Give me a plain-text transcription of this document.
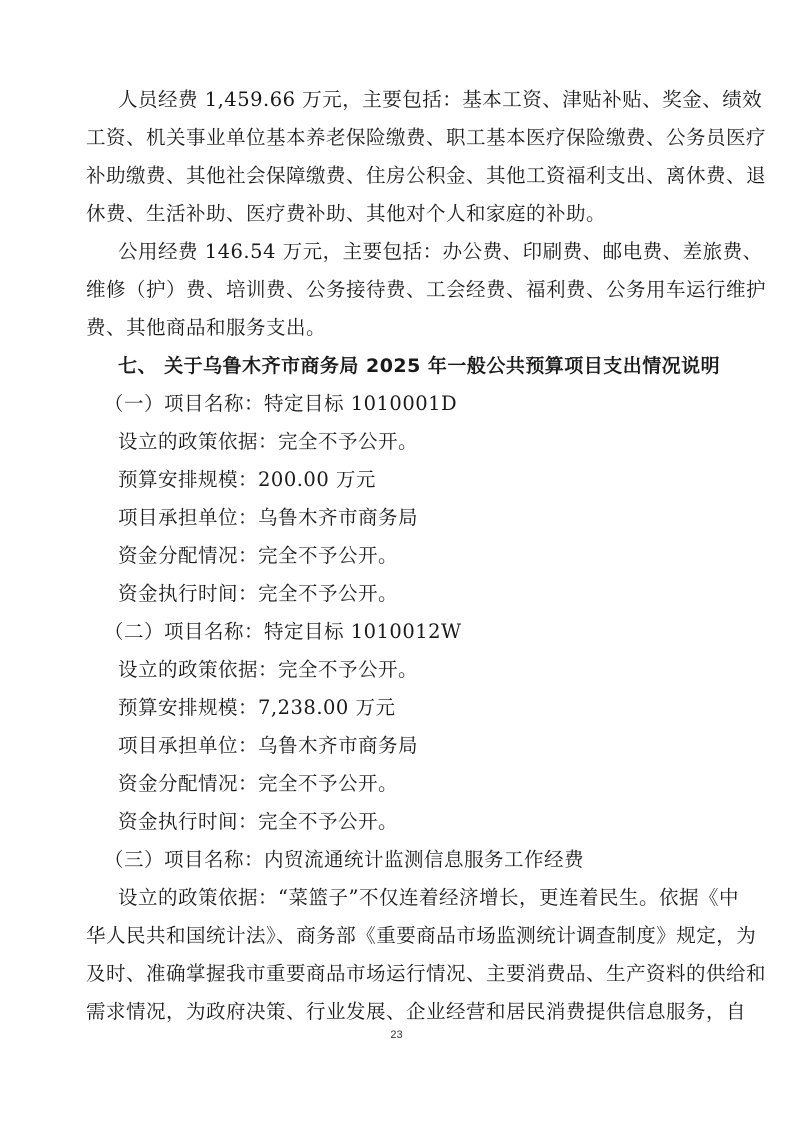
人员经费 1,459.66 万元，主要包括：基本工资、津贴补贴、奖金、绩效
工资、机关事业单位基本养老保险缴费、职工基本医疗保险缴费、公务员医疗
补助缴费、其他社会保障缴费、住房公积金、其他工资福利支出、离休费、退
休费、生活补助、医疗费补助、其他对个人和家庭的补助。
公用经费 146.54 万元，主要包括：办公费、印刷费、邮电费、差旅费、
维修（护）费、培训费、公务接待费、工会经费、福利费、公务用车运行维护
费、其他商品和服务支出。
七、 关于乌鲁木齐市商务局 2025 年一般公共预算项目支出情况说明
（一）项目名称：特定目标 1010001D
设立的政策依据：完全不予公开。
预算安排规模：200.00 万元
项目承担单位：乌鲁木齐市商务局
资金分配情况：完全不予公开。
资金执行时间：完全不予公开。
（二）项目名称：特定目标 1010012W
设立的政策依据：完全不予公开。
预算安排规模：7,238.00 万元
项目承担单位：乌鲁木齐市商务局
资金分配情况：完全不予公开。
资金执行时间：完全不予公开。
（三）项目名称：内贸流通统计监测信息服务工作经费
设立的政策依据：“菜篮子”不仅连着经济增长，更连着民生。依据《中
华人民共和国统计法》、商务部《重要商品市场监测统计调查制度》规定，为
及时、准确掌握我市重要商品市场运行情况、主要消费品、生产资料的供给和
需求情况，为政府决策、行业发展、企业经营和居民消费提供信息服务，自
23
